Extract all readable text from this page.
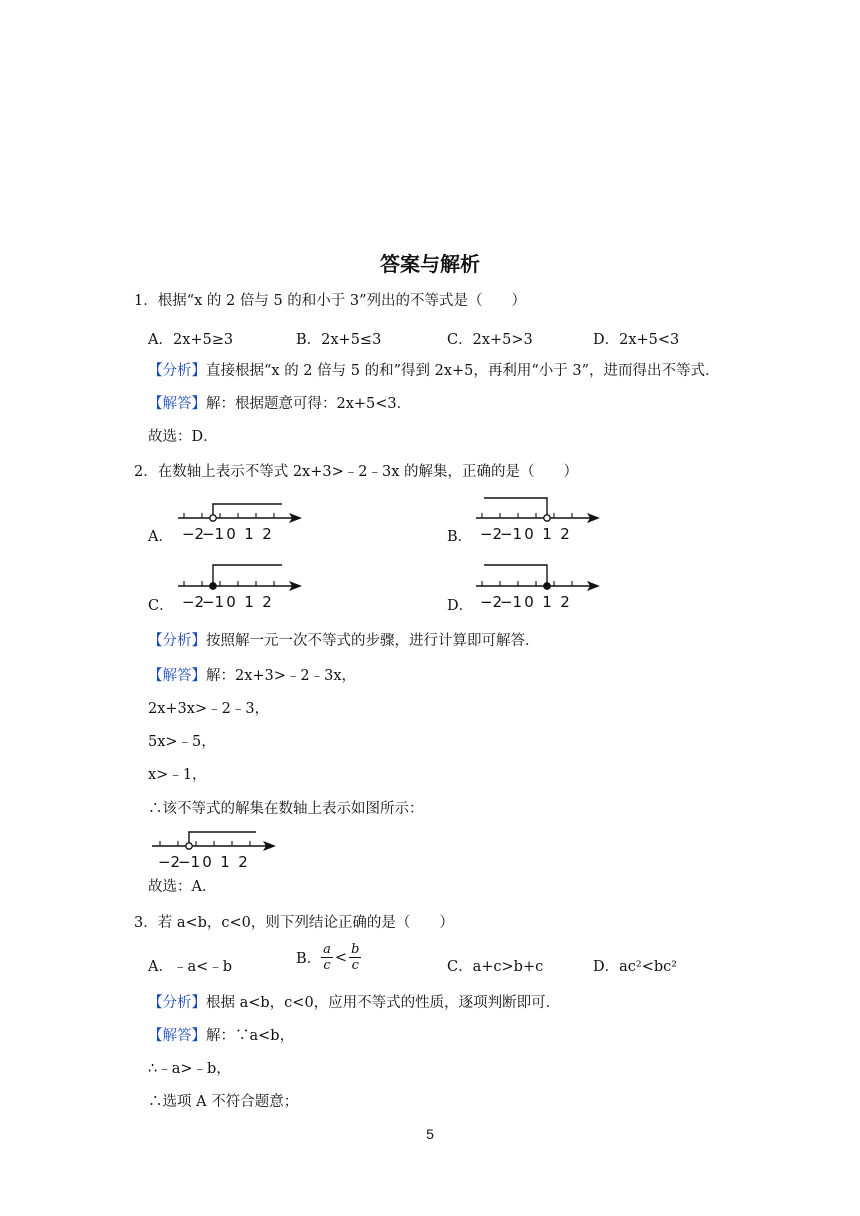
答案与解析
1．根据“x 的 2 倍与 5 的和小于 3”列出的不等式是（　　）
A．2x+5≥3	B．2x+5≤3	C．2x+5>3	D．2x+5<3
【分析】直接根据“x 的 2 倍与 5 的和”得到 2x+5，再利用“小于 3”，进而得出不等式．
【解答】解：根据题意可得：2x+5<3．
故选：D．
2．在数轴上表示不等式 2x+3>﹣2﹣3x 的解集，正确的是（　　）
A．	B．
C．	D．
−2
−1 0 1 2	−2
−1 0 1 2
−2
−1 0 1 2	−2
−1 0 1 2
【分析】按照解一元一次不等式的步骤，进行计算即可解答．
【解答】解：2x+3>﹣2﹣3x，
2x+3x>﹣2﹣3，
5x>﹣5，
x>﹣1，
∴该不等式的解集在数轴上表示如图所示：
−2
−1 0 1 2
故选：A．
3．若 a<b，c<0，则下列结论正确的是（　　）
A．﹣a<﹣b	B． $\frac{a}{c} < \frac{b}{c}$	C．a+c>b+c	D．ac²<bc²
【分析】根据 a<b，c<0，应用不等式的性质，逐项判断即可．
【解答】解：∵a<b，
∴﹣a>﹣b，
∴选项 A 不符合题意；
5
